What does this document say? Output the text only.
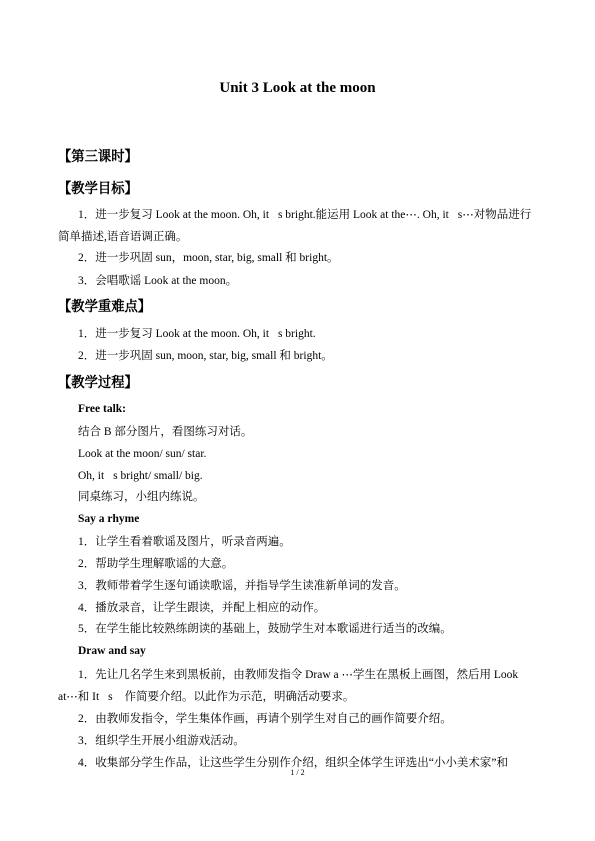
Unit 3 Look at the moon
【第三课时】
【教学目标】
1．进一步复习 Look at the moon. Oh, it s bright.能运用 Look at the⋯. Oh, it s⋯对物品进行
简单描述,语音语调正确。
2．进一步巩固 sun，moon, star, big, small 和 bright。
3．会唱歌谣 Look at the moon。
【教学重难点】
1．进一步复习 Look at the moon. Oh, it s bright.
2．进一步巩固 sun, moon, star, big, small 和 bright。
【教学过程】
Free talk:
结合 B 部分图片，看图练习对话。
Look at the moon/ sun/ star.
Oh, it s bright/ small/ big.
同桌练习，小组内练说。
Say a rhyme
1．让学生看着歌谣及图片，听录音两遍。
2．帮助学生理解歌谣的大意。
3．教师带着学生逐句诵读歌谣，并指导学生读准新单词的发音。
4．播放录音，让学生跟读，并配上相应的动作。
5．在学生能比较熟练朗读的基础上，鼓励学生对本歌谣进行适当的改编。
Draw and say
1．先让几名学生来到黑板前，由教师发指令 Draw a ⋯学生在黑板上画图，然后用 Look
at⋯和 It s ⋯作简要介绍。以此作为示范，明确活动要求。
2．由教师发指令，学生集体作画，再请个别学生对自己的画作简要介绍。
3．组织学生开展小组游戏活动。
4．收集部分学生作品，让这些学生分别作介绍，组织全体学生评选出“小小美术家”和
1 / 2
